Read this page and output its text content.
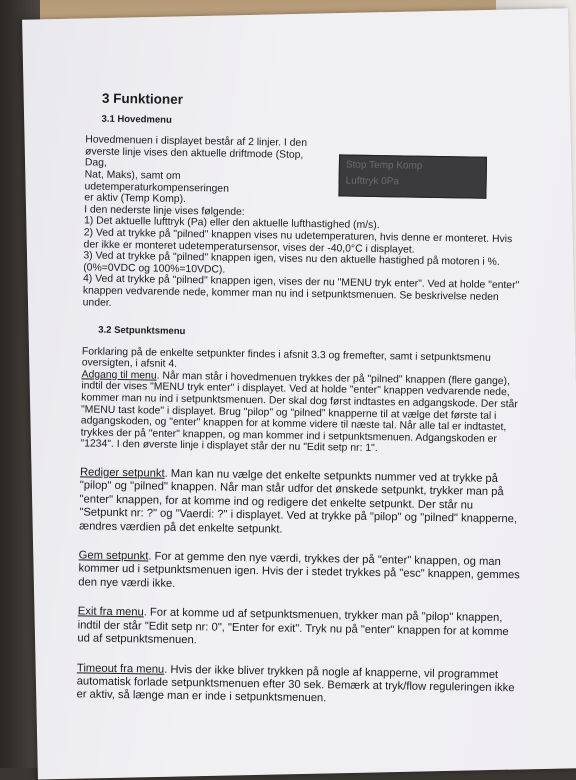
3 Funktioner
3.1 Hovedmenu

Hovedmenuen i displayet består af 2 linjer. I den

øverste linje vises den aktuelle driftmode (Stop, Dag,

Nat, Maks), samt om udetemperaturkompenseringen

er aktiv (Temp Komp).

I den nederste linje vises følgende:

1) Det aktuelle lufttryk (Pa) eller den aktuelle lufthastighed (m/s).

2) Ved at trykke på "pilned" knappen vises nu udetemperaturen, hvis denne er monteret. Hvis der ikke er monteret udetemperatursensor, vises der -40,0°C i displayet.

3) Ved at trykke på "pilned" knappen igen, vises nu den aktuelle hastighed på motoren i %. (0%=0VDC og 100%=10VDC).

4) Ved at trykke på "pilned" knappen igen, vises der nu "MENU tryk enter". Ved at holde "enter" knappen vedvarende nede, kommer man nu ind i setpunktsmenuen. Se beskrivelse neden under.

Stop Temp Komp
Lufttryk 0Pa
3.2 Setpunktsmenu

Forklaring på de enkelte setpunkter findes i afsnit 3.3 og fremefter, samt i setpunktsmenu oversigten, i afsnit 4.

Adgang til menu. Når man står i hovedmenuen trykkes der på "pilned" knappen (flere gange), indtil der vises "MENU tryk enter" i displayet. Ved at holde "enter" knappen vedvarende nede, kommer man nu ind i setpunktsmenuen. Der skal dog først indtastes en adgangskode. Der står "MENU tast kode" i displayet. Brug "pilop" og "pilned" knapperne til at vælge det første tal i adgangskoden, og "enter" knappen for at komme videre til næste tal. Når alle tal er indtastet, trykkes der på "enter" knappen, og man kommer ind i setpunktsmenuen. Adgangskoden er "1234". I den øverste linje i displayet står der nu "Edit setp nr: 1".

Rediger setpunkt. Man kan nu vælge det enkelte setpunkts nummer ved at trykke på "pilop" og "pilned" knappen. Når man står udfor det ønskede setpunkt, trykker man på "enter" knappen, for at komme ind og redigere det enkelte setpunkt. Der står nu "Setpunkt nr: ?" og "Vaerdi: ?" i displayet. Ved at trykke på "pilop" og "pilned" knapperne, ændres værdien på det enkelte setpunkt.

Gem setpunkt. For at gemme den nye værdi, trykkes der på "enter" knappen, og man kommer ud i setpunktsmenuen igen. Hvis der i stedet trykkes på "esc" knappen, gemmes den nye værdi ikke.

Exit fra menu. For at komme ud af setpunktsmenuen, trykker man på "pilop" knappen, indtil der står "Edit setp nr: 0", "Enter for exit". Tryk nu på "enter" knappen for at komme ud af setpunktsmenuen.

Timeout fra menu. Hvis der ikke bliver trykken på nogle af knapperne, vil programmet automatisk forlade setpunktsmenuen efter 30 sek. Bemærk at tryk/flow reguleringen ikke er aktiv, så længe man er inde i setpunktsmenuen.
